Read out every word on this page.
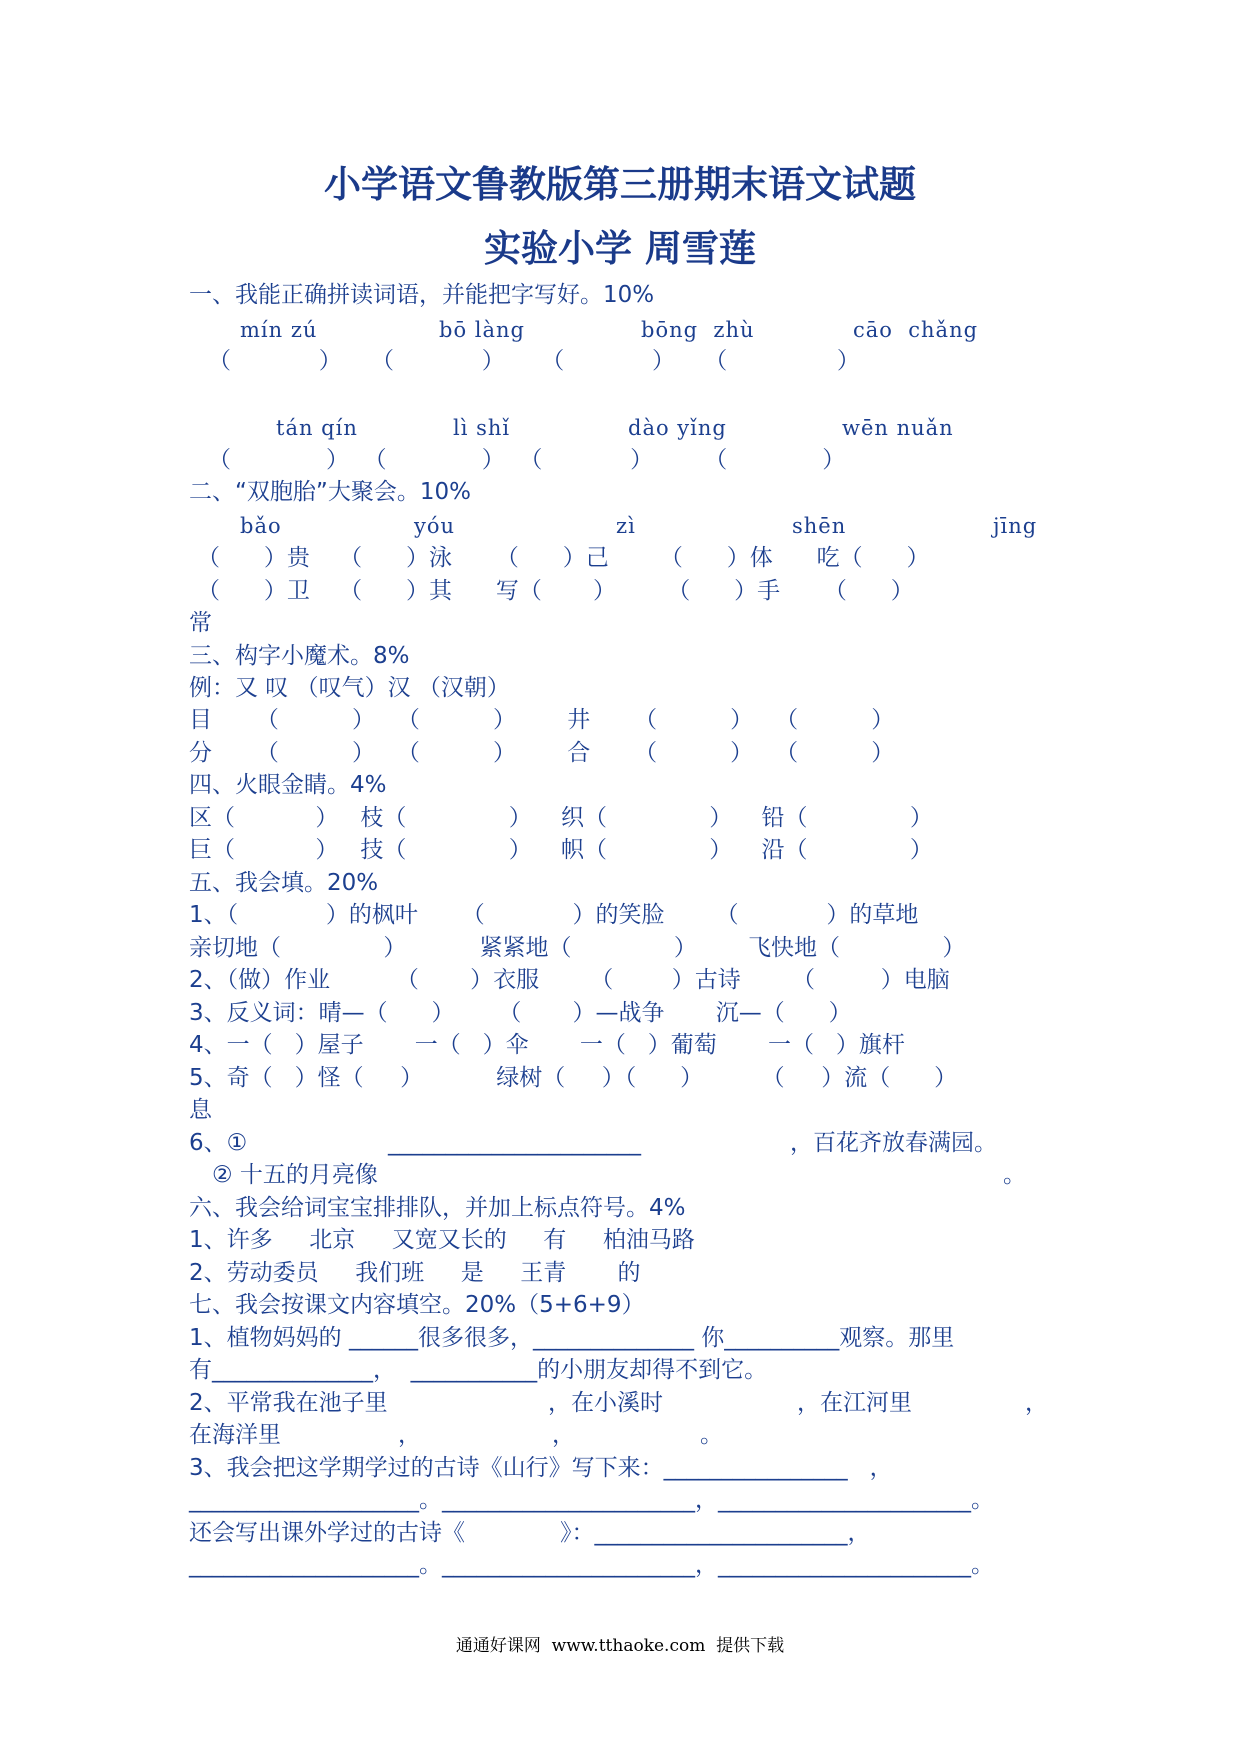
小学语文鲁教版第三册期末语文试题
实验小学 周雪莲
一、我能正确拼读词语，并能把字写好。10%
mín zú	bō làng	bōng  zhù	cāo  chǎng
（            ）    （            ）     （            ）    （               ）
tán qín	lì shǐ	dào yǐng	wēn nuǎn
（             ）  （             ）  （            ）       （             ）
二、“双胞胎”大聚会。10%
bǎo	yóu	zì	shēn	jīng
（      ）贵    （      ）泳      （      ）己       （      ）体      吃（      ）
（      ）卫    （      ）其      写（       ）       （      ）手      （      ）
常
三、构字小魔术。8%
例：又 叹 （叹气）汉 （汉朝）
目      （          ）   （          ）       井      （          ）   （          ）
分      （          ）   （          ）       合      （          ）   （          ）
四、火眼金睛。4%
区（           ）   枝（              ）    织（              ）    铅（              ）
巨（           ）   技（              ）    帜（              ）    沿（              ）
五、我会填。20%
1、（            ）的枫叶      （            ）的笑脸       （            ）的草地
亲切地（              ）          紧紧地（              ）       飞快地（              ）
2、（做）作业         （       ）衣服       （        ）古诗       （         ）电脑
3、反义词：晴—（      ）      （       ）—战争       沉—（      ）
4、一（   ）屋子       一（   ）伞       一（   ）葡萄       一（   ）旗杆
5、奇（   ）怪（     ）          绿树（     ）（      ）        （     ）流（      ）
息
6、①	______________________	，百花齐放春满园。
② 十五的月亮像	。
六、我会给词宝宝排排队，并加上标点符号。4%
1、许多     北京     又宽又长的     有     柏油马路
2、劳动委员     我们班     是     王青       的
七、我会按课文内容填空。20%（5+6+9）
1、植物妈妈的 ______很多很多，______________ 你__________观察。那里
有______________，  ___________的小朋友却得不到它。
2、平常我在池子里	，在小溪时	，在江河里	，
在海洋里	，	，	。
3、我会把这学期学过的古诗《山行》写下来：________________   ，
____________________。______________________，______________________。
还会写出课外学过的古诗《             》：______________________，
____________________。______________________，______________________。
通通好课网  www.tthaoke.com  提供下载
